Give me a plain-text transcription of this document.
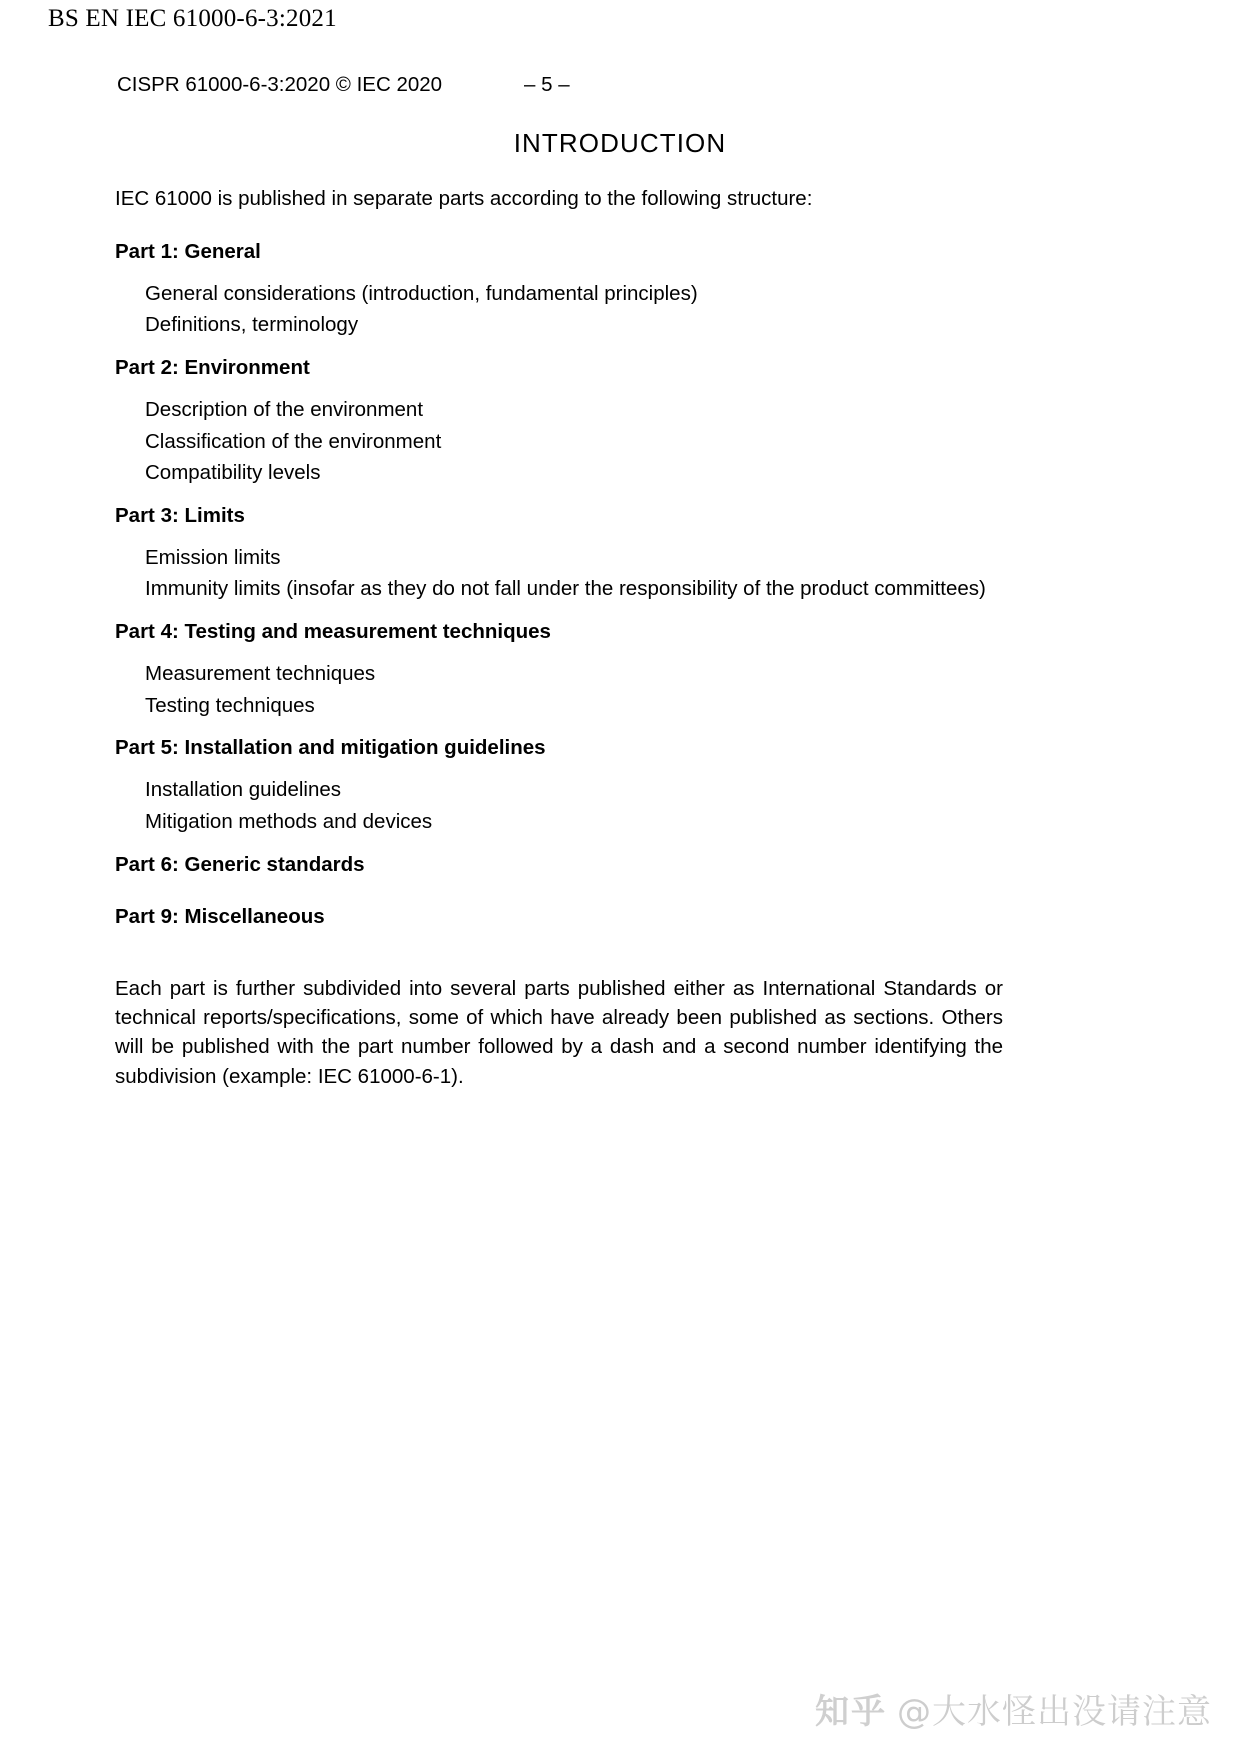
BS EN IEC 61000-6-3:2021
CISPR 61000-6-3:2020 © IEC 2020	– 5 –
INTRODUCTION

IEC 61000 is published in separate parts according to the following structure:

Part 1: General

General considerations (introduction, fundamental principles)
Definitions, terminology

Part 2: Environment

Description of the environment
Classification of the environment
Compatibility levels

Part 3: Limits

Emission limits
Immunity limits (insofar as they do not fall under the responsibility of the product committees)

Part 4: Testing and measurement techniques

Measurement techniques
Testing techniques

Part 5: Installation and mitigation guidelines

Installation guidelines
Mitigation methods and devices

Part 6: Generic standards

Part 9: Miscellaneous

Each part is further subdivided into several parts published either as International Standards or technical reports/specifications, some of which have already been published as sections. Others will be published with the part number followed by a dash and a second number identifying the subdivision (example: IEC 61000-6-1).

知乎 @大水怪出没请注意
